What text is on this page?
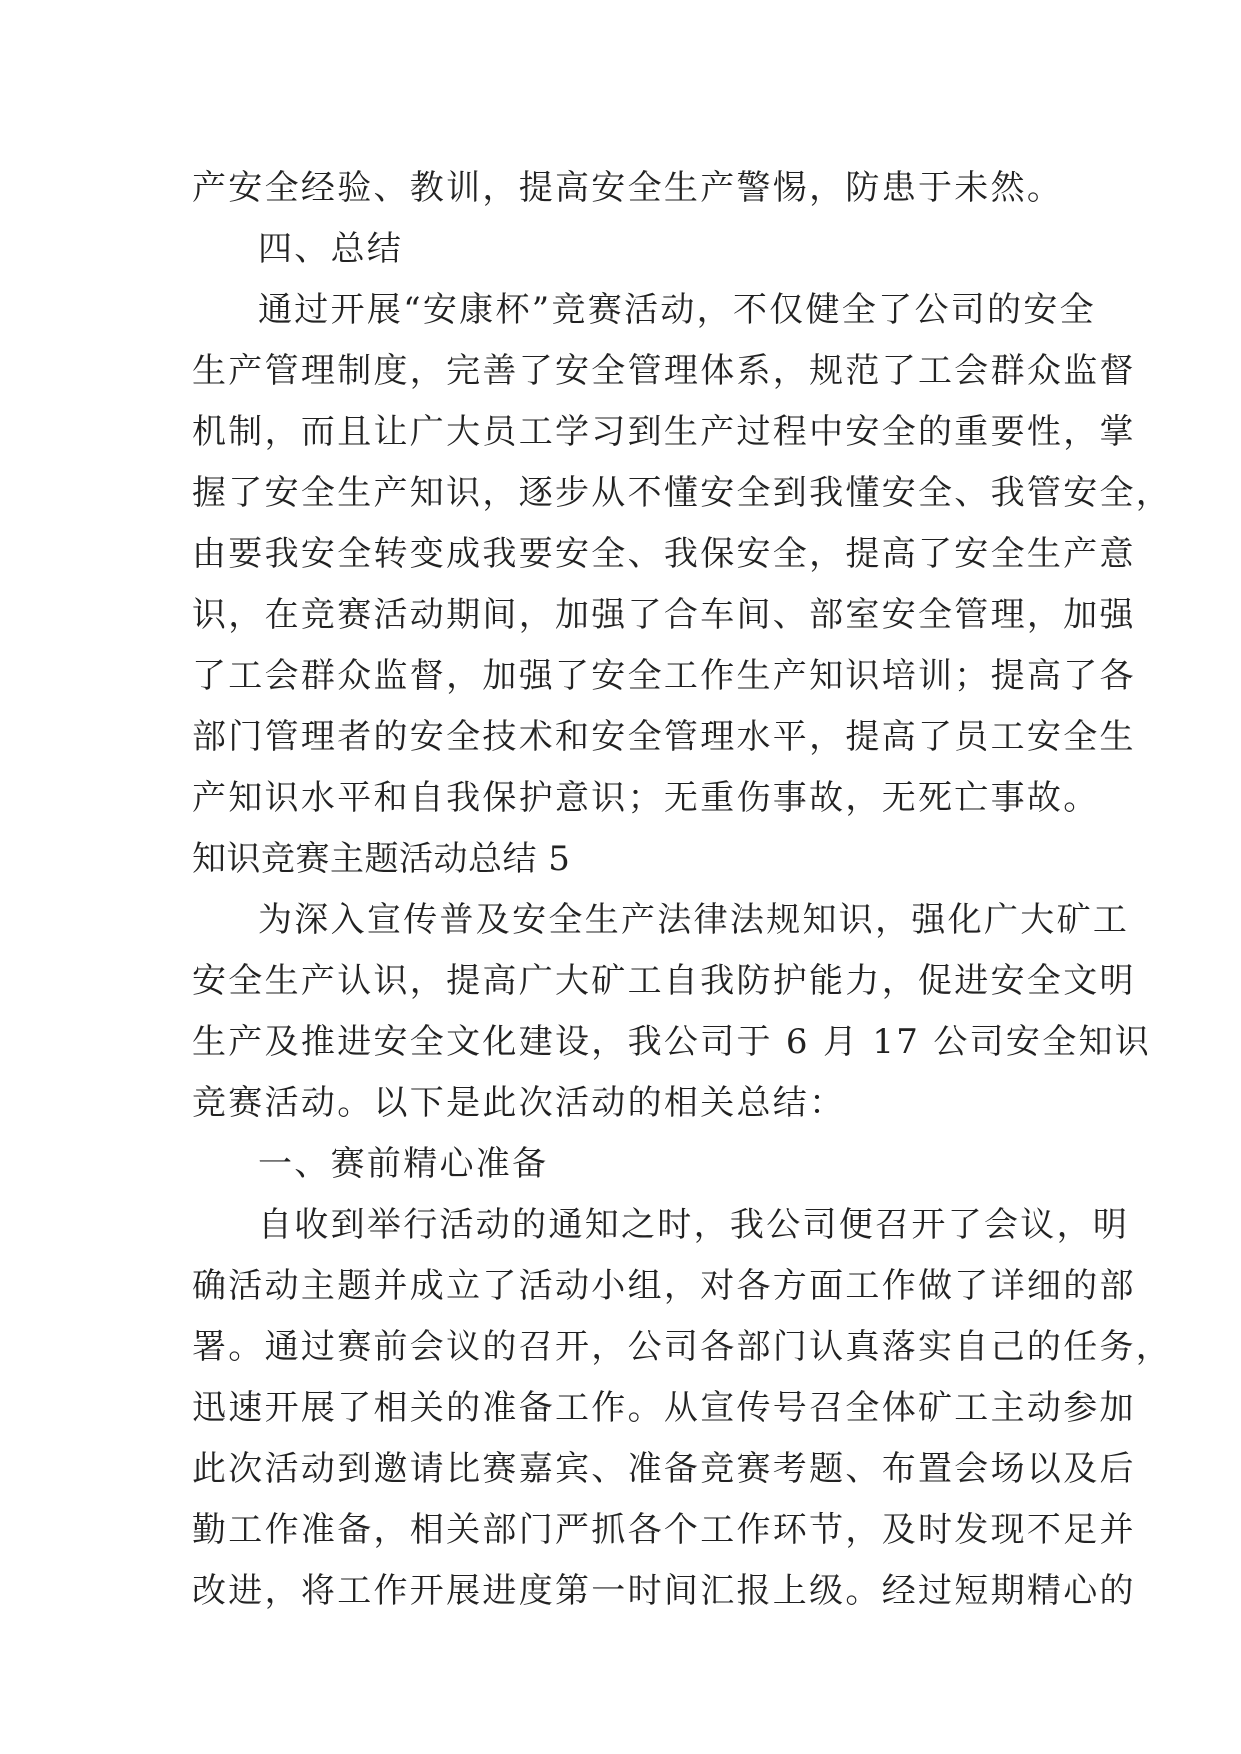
产安全经验、教训，提高安全生产警惕，防患于未然。
四、总结
通过开展“安康杯”竞赛活动，不仅健全了公司的安全
生产管理制度，完善了安全管理体系，规范了工会群众监督
机制，而且让广大员工学习到生产过程中安全的重要性，掌
握了安全生产知识，逐步从不懂安全到我懂安全、我管安全，
由要我安全转变成我要安全、我保安全，提高了安全生产意
识，在竞赛活动期间，加强了合车间、部室安全管理，加强
了工会群众监督，加强了安全工作生产知识培训；提高了各
部门管理者的安全技术和安全管理水平，提高了员工安全生
产知识水平和自我保护意识；无重伤事故，无死亡事故。
知识竞赛主题活动总结 5
为深入宣传普及安全生产法律法规知识，强化广大矿工
安全生产认识，提高广大矿工自我防护能力，促进安全文明
生产及推进安全文化建设，我公司于 6 月 17 公司安全知识
竞赛活动。以下是此次活动的相关总结：
一、赛前精心准备
自收到举行活动的通知之时，我公司便召开了会议，明
确活动主题并成立了活动小组，对各方面工作做了详细的部
署。通过赛前会议的召开，公司各部门认真落实自己的任务，
迅速开展了相关的准备工作。从宣传号召全体矿工主动参加
此次活动到邀请比赛嘉宾、准备竞赛考题、布置会场以及后
勤工作准备，相关部门严抓各个工作环节，及时发现不足并
改进，将工作开展进度第一时间汇报上级。经过短期精心的
